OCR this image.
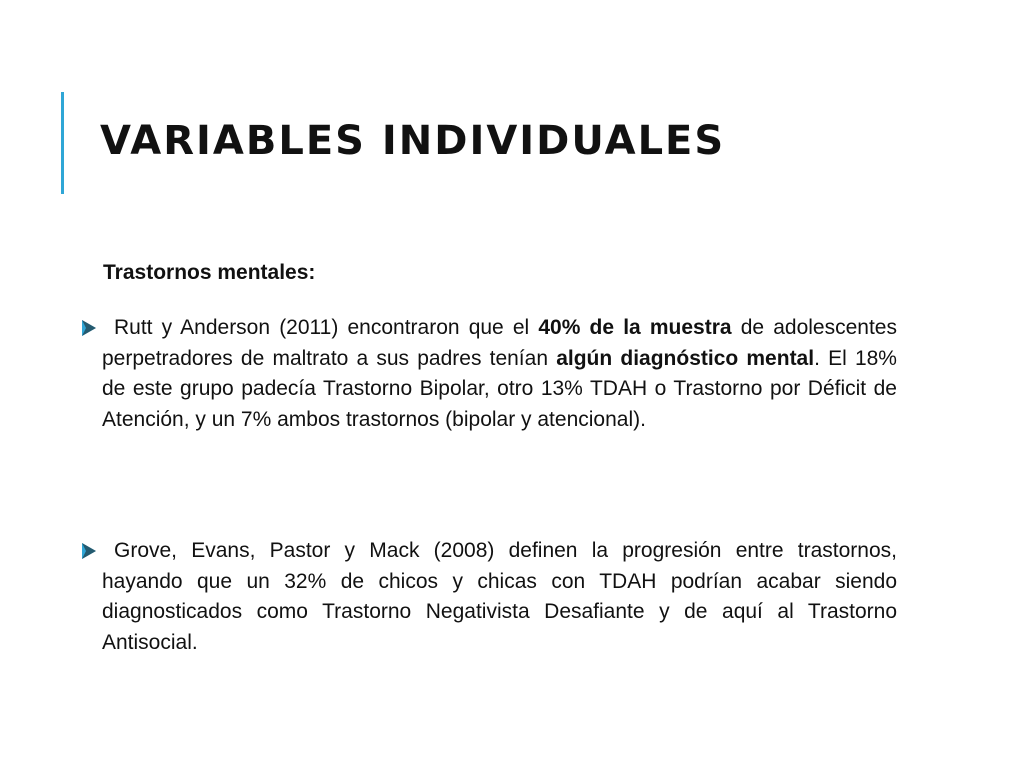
VARIABLES INDIVIDUALES
Trastornos mentales:

Rutt y Anderson (2011) encontraron que el 40% de la muestra de adolescentes perpetradores de maltrato a sus padres tenían algún diagnóstico mental. El 18% de este grupo padecía Trastorno Bipolar, otro 13% TDAH o Trastorno por Déficit de Atención, y un 7% ambos trastornos (bipolar y atencional).

Grove, Evans, Pastor y Mack (2008) definen la progresión entre trastornos, hayando que un 32% de chicos y chicas con TDAH podrían acabar siendo diagnosticados como Trastorno Negativista Desafiante y de aquí al Trastorno Antisocial.
